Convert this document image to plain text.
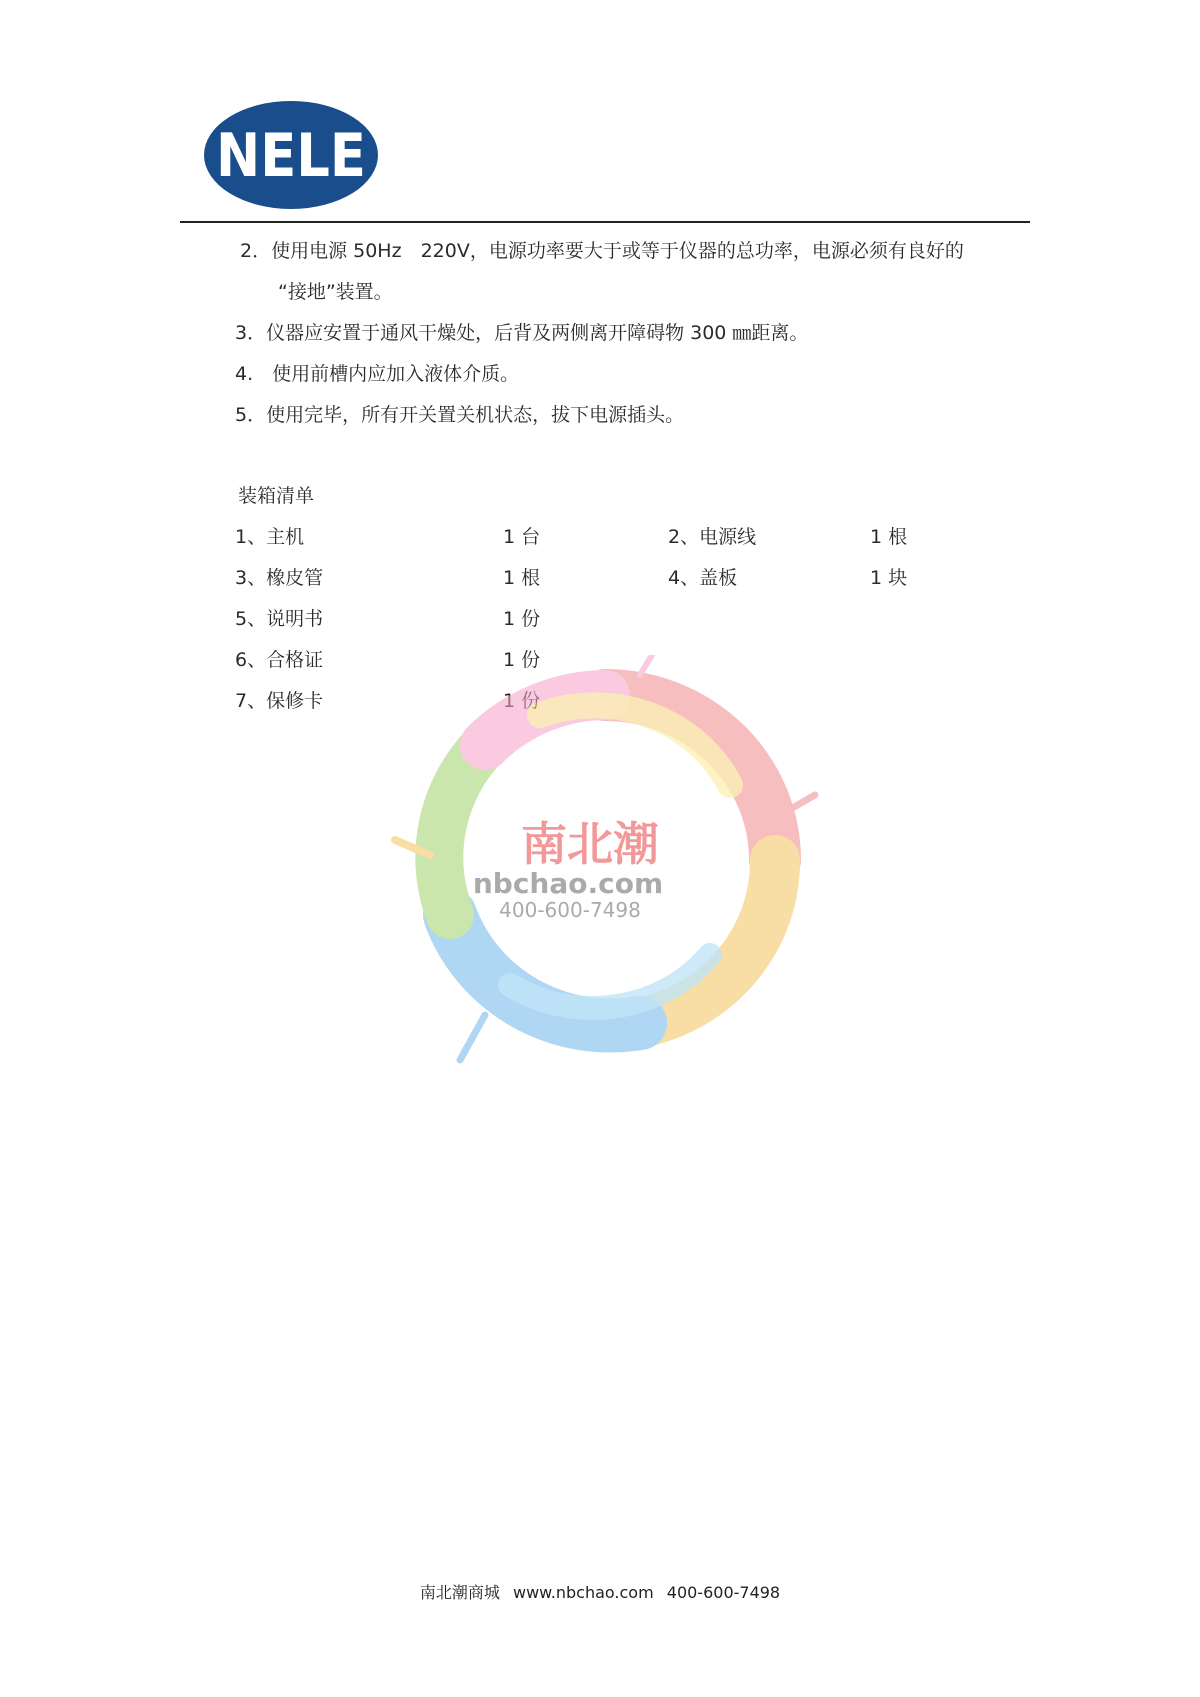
NELE
2．使用电源 50Hz　220V，电源功率要大于或等于仪器的总功率，电源必须有良好的
“接地”装置。
3．仪器应安置于通风干燥处，后背及两侧离开障碍物 300 ㎜距离。
4.　使用前槽内应加入液体介质。
5．使用完毕，所有开关置关机状态，拔下电源插头。
装箱清单
1、主机	1 台	2、电源线	1 根
3、橡皮管	1 根	4、盖板	1 块
5、说明书	1 份
6、合格证	1 份
7、保修卡	1 份
南北潮
nbchao.com
400-600-7498
南北潮商城 www.nbchao.com 400-600-7498
